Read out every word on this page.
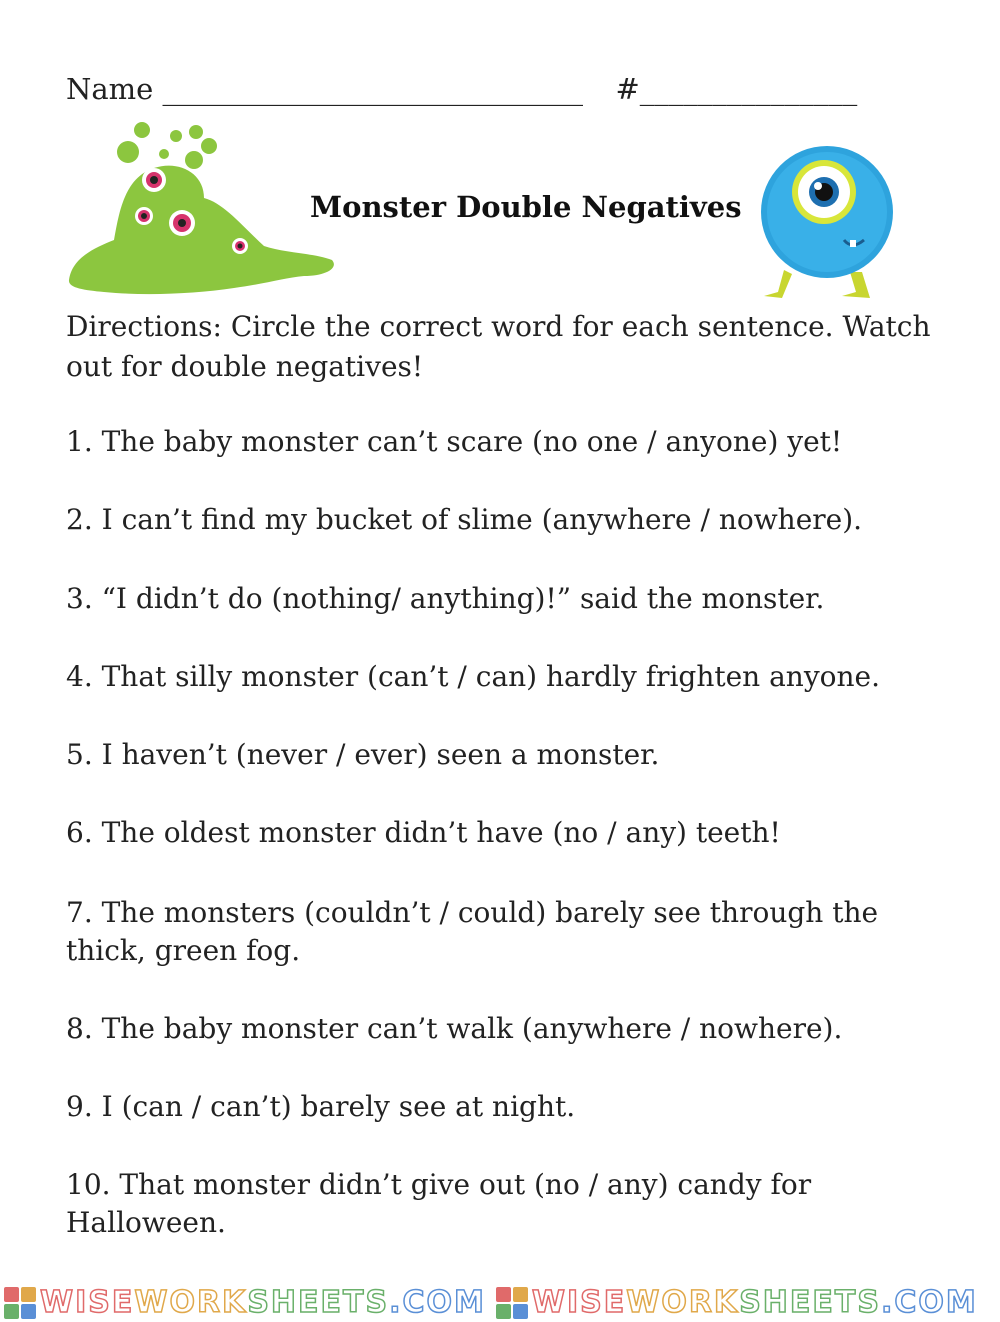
Name _____________________________ #_______________
Monster Double Negatives
Directions: Circle the correct word for each sentence. Watch out for double negatives!
1. The baby monster can’t scare (no one / anyone) yet!
2. I can’t find my bucket of slime (anywhere / nowhere).
3. “I didn’t do (nothing/ anything)!” said the monster.
4. That silly monster (can’t / can) hardly frighten anyone.
5. I haven’t (never / ever) seen a monster.
6. The oldest monster didn’t have (no / any) teeth!
7. The monsters (couldn’t / could) barely see through the thick, green fog.
8. The baby monster can’t walk (anywhere / nowhere).
9. I (can / can’t) barely see at night.
10. That monster didn’t give out (no / any) candy for Halloween.
WISEWORKSHEETS.COM WISEWORKSHEETS.COM
